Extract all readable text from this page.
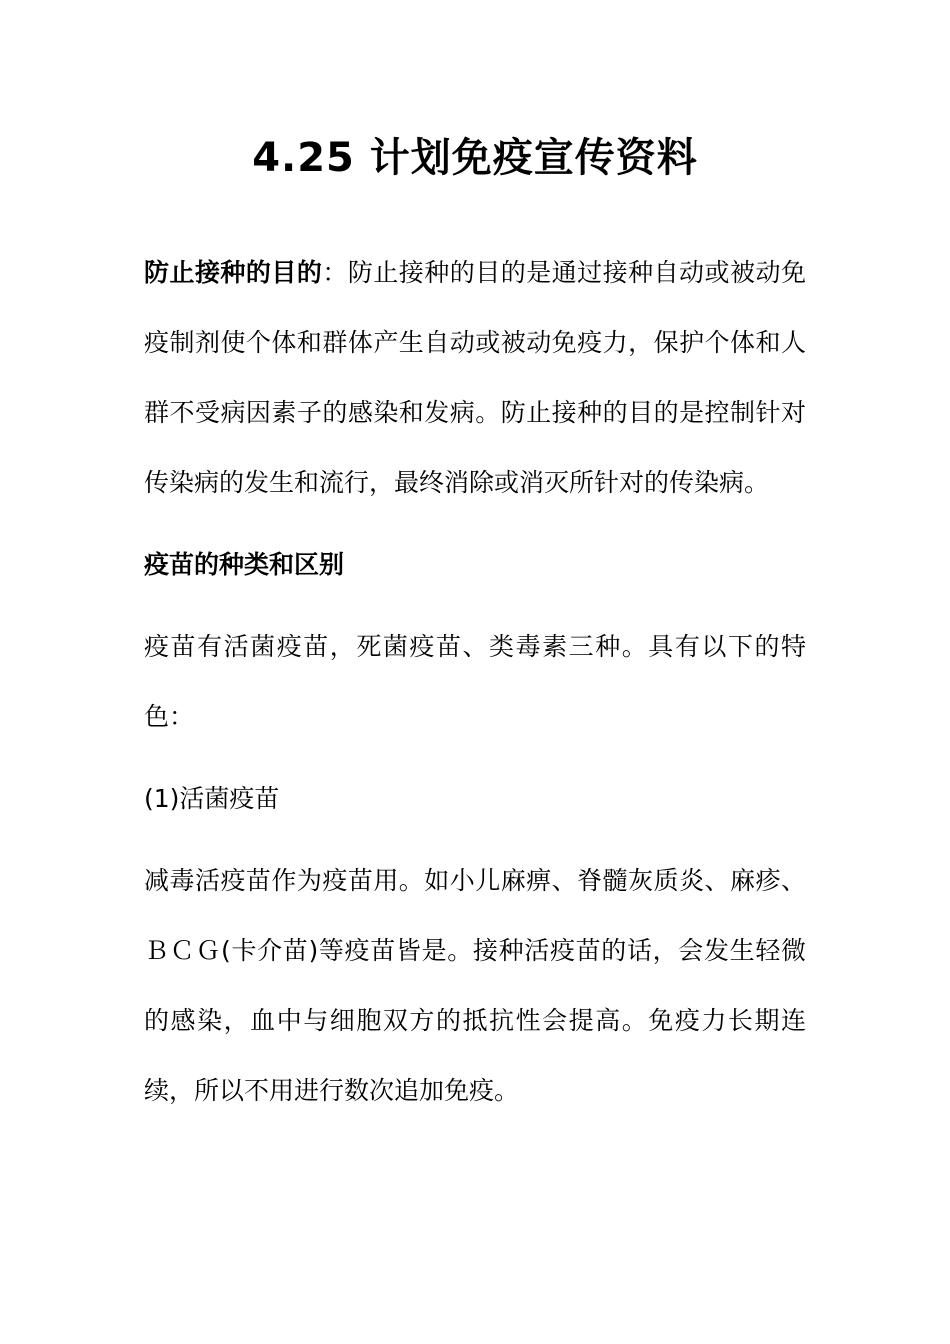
4.25 计划免疫宣传资料

防止接种的目的：防止接种的目的是通过接种自动或被动免疫制剂使个体和群体产生自动或被动免疫力，保护个体和人群不受病因素子的感染和发病。防止接种的目的是控制针对传染病的发生和流行，最终消除或消灭所针对的传染病。

疫苗的种类和区别

疫苗有活菌疫苗，死菌疫苗、类毒素三种。具有以下的特色：

(1)活菌疫苗

减毒活疫苗作为疫苗用。如小儿麻痹、脊髓灰质炎、麻疹、ＢＣＧ(卡介苗)等疫苗皆是。接种活疫苗的话，会发生轻微的感染，血中与细胞双方的抵抗性会提高。免疫力长期连续，所以不用进行数次追加免疫。
